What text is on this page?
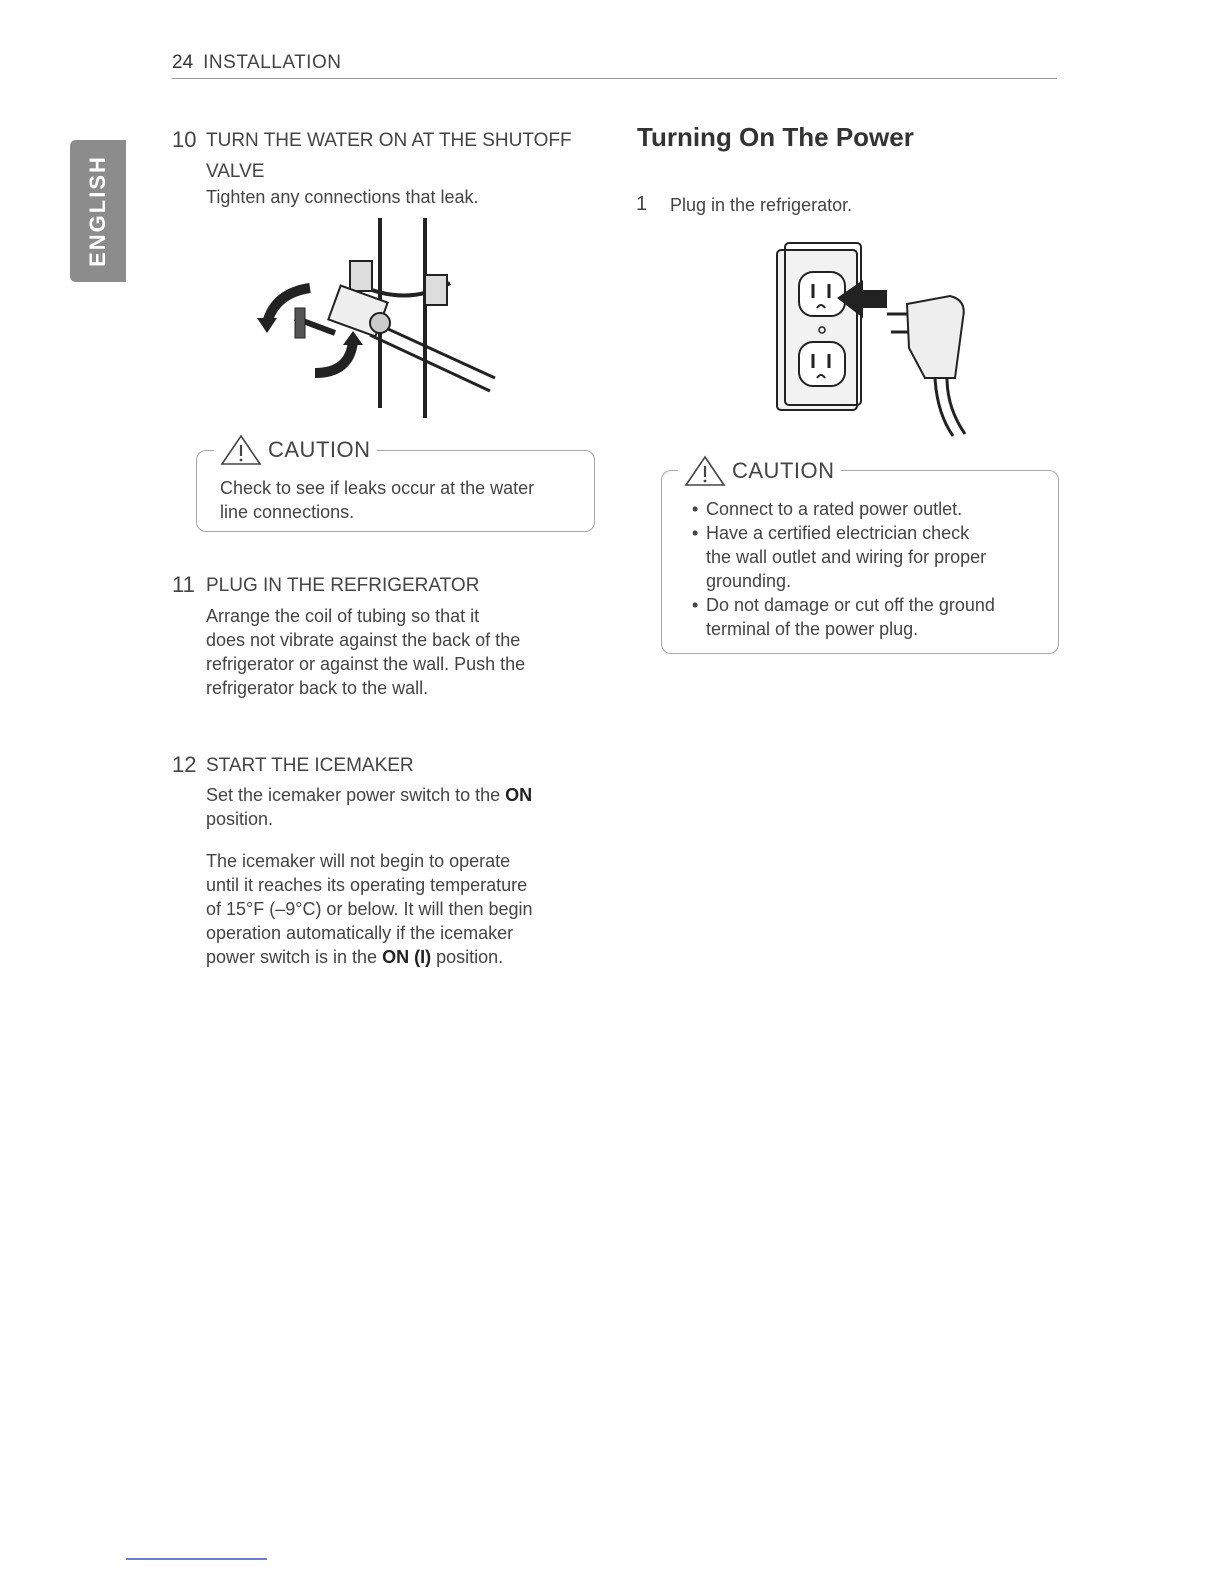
24 INSTALLATION
ENGLISH
10 TURN THE WATER ON AT THE SHUTOFF
VALVE
Tighten any connections that leak.
CAUTION
Check to see if leaks occur at the water
line connections.
11 PLUG IN THE REFRIGERATOR
Arrange the coil of tubing so that it
does not vibrate against the back of the
refrigerator or against the wall. Push the
refrigerator back to the wall.
12 START THE ICEMAKER
Set the icemaker power switch to the ON
position.
The icemaker will not begin to operate
until it reaches its operating temperature
of 15°F (–9°C) or below. It will then begin
operation automatically if the icemaker
power switch is in the ON (I) position.
Turning On The Power
1 Plug in the refrigerator.
CAUTION
• Connect to a rated power outlet.
• Have a certified electrician check
the wall outlet and wiring for proper
grounding.
• Do not damage or cut off the ground
terminal of the power plug.
